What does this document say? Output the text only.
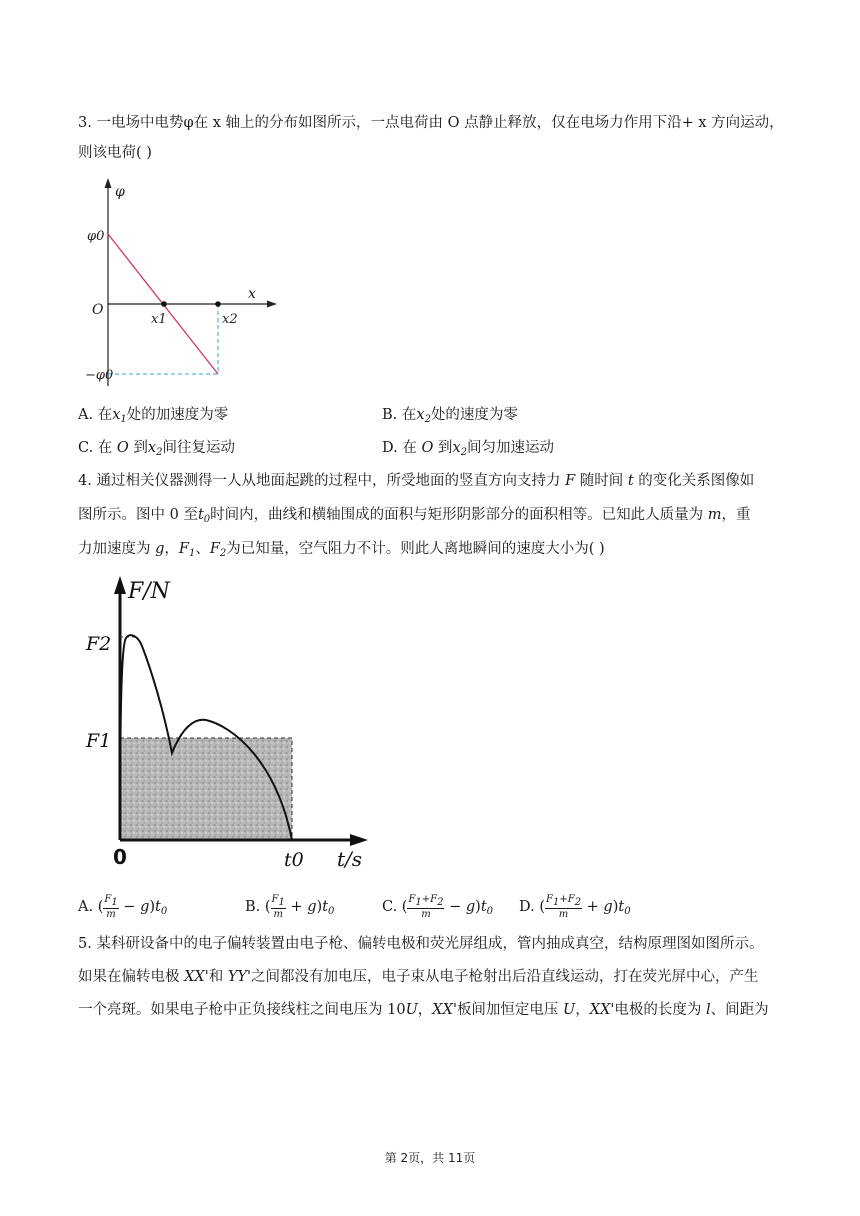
3. 一电场中电势φ在 x 轴上的分布如图所示，一点电荷由 O 点静止释放，仅在电场力作用下沿+ x 方向运动，
则该电荷( )
φ
x
O
φ0
−φ0
x1	x2
A. 在$x_1$处的加速度为零	B. 在$x_2$处的速度为零
C. 在 O 到$x_2$间往复运动	D. 在 O 到$x_2$间匀加速运动
4. 通过相关仪器测得一人从地面起跳的过程中，所受地面的竖直方向支持力 F 随时间 t 的变化关系图像如
图所示。图中 0 至$t_0$时间内，曲线和横轴围成的面积与矩形阴影部分的面积相等。已知此人质量为 m，重
力加速度为 g，$F_1$、$F_2$为已知量，空气阻力不计。则此人离地瞬间的速度大小为( )
F/N
t/s
0
F2
F1
t0
A. ( $\frac{F_1}{m} - g)t_0$	B. ( $\frac{F_1}{m} + g)t_0$	C. ( $\frac{F_1+F_2}{m} - g)t_0$ D. ( $\frac{F_1+F_2}{m} + g)t_0$
5. 某科研设备中的电子偏转装置由电子枪、偏转电极和荧光屏组成，管内抽成真空，结构原理图如图所示。
如果在偏转电极 XX'和 YY'之间都没有加电压，电子束从电子枪射出后沿直线运动，打在荧光屏中心，产生
一个亮斑。如果电子枪中正负接线柱之间电压为 10U，XX'板间加恒定电压 U，XX'电极的长度为 l、间距为
第 2页，共 11页
